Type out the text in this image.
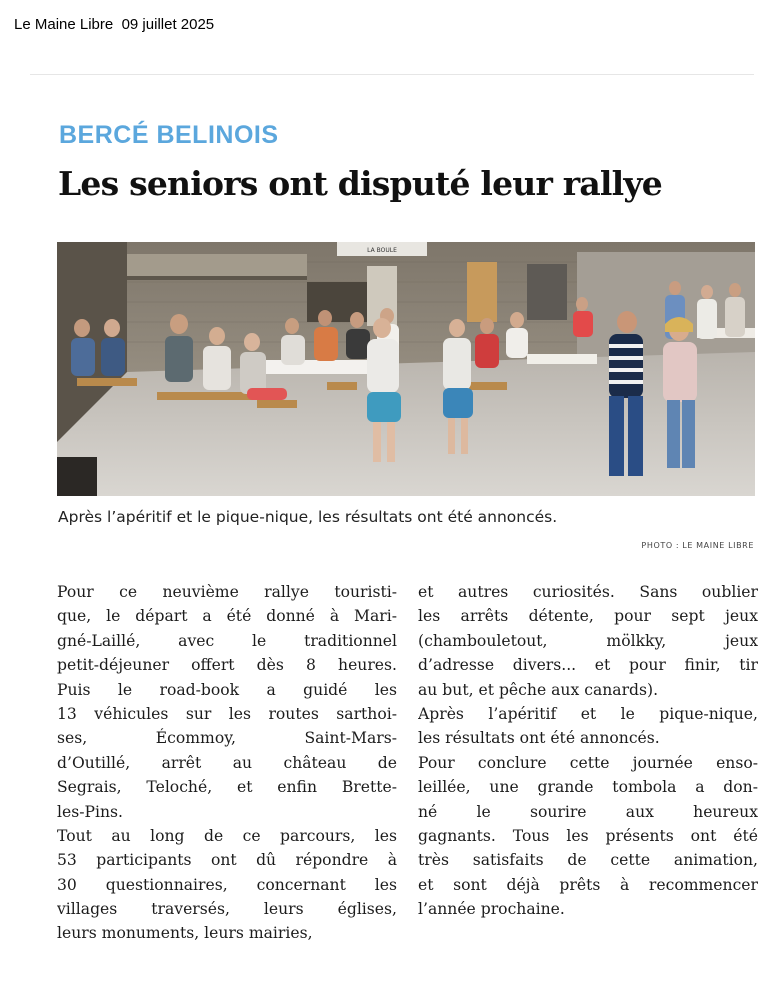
Le Maine Libre 09 juillet 2025
BERCÉ BELINOIS
Les seniors ont disputé leur rallye
LA BOULE
Après l’apéritif et le pique-nique, les résultats ont été annoncés.
PHOTO : LE MAINE LIBRE
Pour ce neuvième rallye touristi-
que, le départ a été donné à Mari-
gné-Laillé, avec le traditionnel
petit-déjeuner offert dès 8 heures.
Puis le road-book a guidé les
13 véhicules sur les routes sarthoi-
ses, Écommoy, Saint-Mars-
d’Outillé, arrêt au château de
Segrais, Teloché, et enfin Brette-
les-Pins.
Tout au long de ce parcours, les
53 participants ont dû répondre à
30 questionnaires, concernant les
villages traversés, leurs églises,
leurs monuments, leurs mairies,
et autres curiosités. Sans oublier
les arrêts détente, pour sept jeux
(chambouletout, mölkky, jeux
d’adresse divers... et pour finir, tir
au but, et pêche aux canards).
Après l’apéritif et le pique-nique,
les résultats ont été annoncés.
Pour conclure cette journée enso-
leillée, une grande tombola a don-
né le sourire aux heureux
gagnants. Tous les présents ont été
très satisfaits de cette animation,
et sont déjà prêts à recommencer
l’année prochaine.
